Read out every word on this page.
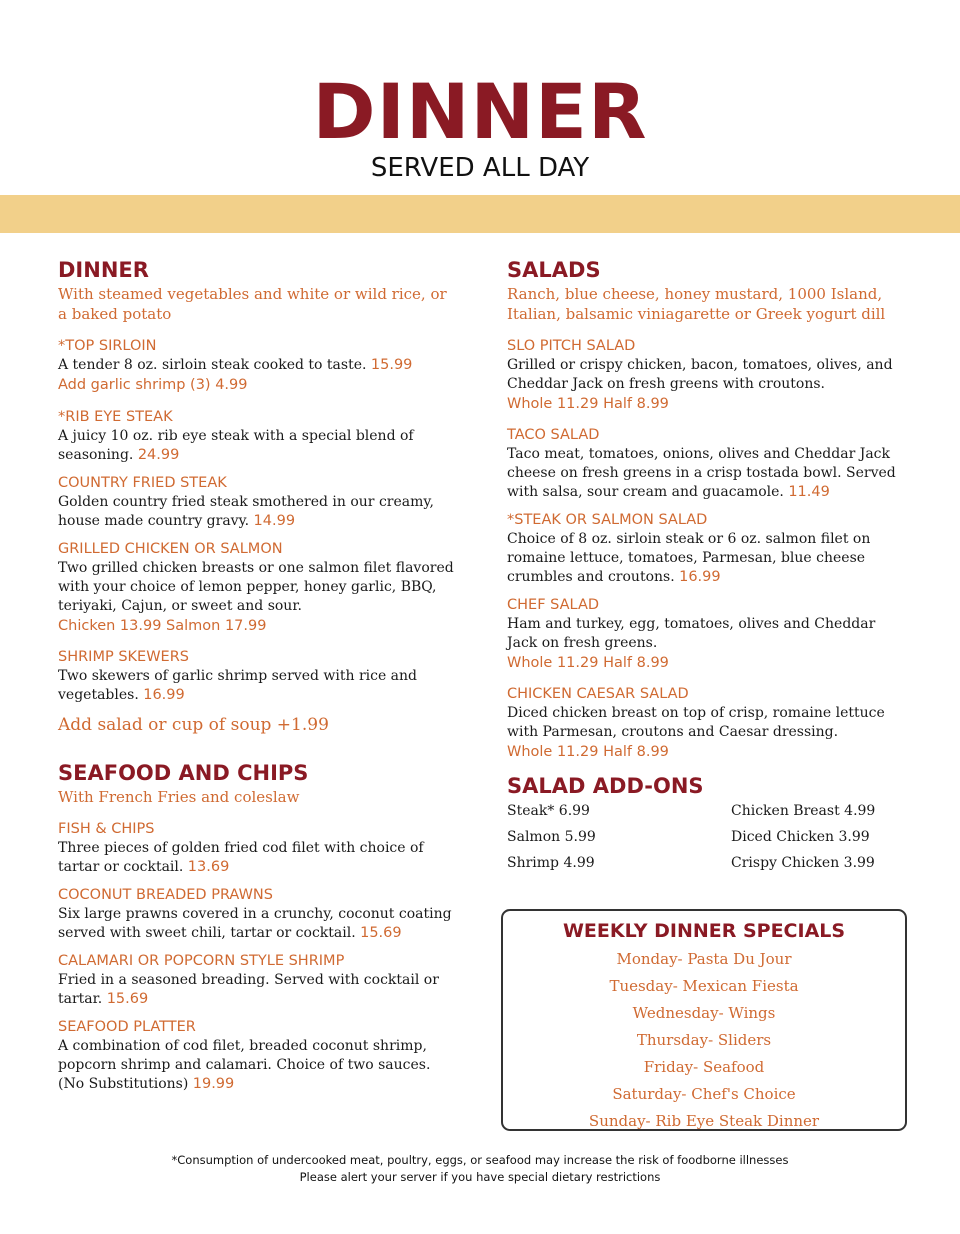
DINNER
SERVED ALL DAY
DINNER

With steamed vegetables and white or wild rice, or a baked potato

*TOP SIRLOIN

A tender 8 oz. sirloin steak cooked to taste. 15.99

Add garlic shrimp (3) 4.99

*RIB EYE STEAK

A juicy 10 oz. rib eye steak with a special blend of seasoning. 24.99

COUNTRY FRIED STEAK

Golden country fried steak smothered in our creamy, house made country gravy. 14.99

GRILLED CHICKEN OR SALMON

Two grilled chicken breasts or one salmon filet flavored with your choice of lemon pepper, honey garlic, BBQ, teriyaki, Cajun, or sweet and sour.

Chicken 13.99 Salmon 17.99

SHRIMP SKEWERS

Two skewers of garlic shrimp served with rice and vegetables. 16.99

Add salad or cup of soup +1.99

SEAFOOD AND CHIPS

With French Fries and coleslaw

FISH & CHIPS

Three pieces of golden fried cod filet with choice of tartar or cocktail. 13.69

COCONUT BREADED PRAWNS

Six large prawns covered in a crunchy, coconut coating served with sweet chili, tartar or cocktail. 15.69

CALAMARI OR POPCORN STYLE SHRIMP

Fried in a seasoned breading. Served with cocktail or tartar. 15.69

SEAFOOD PLATTER

A combination of cod filet, breaded coconut shrimp, popcorn shrimp and calamari. Choice of two sauces. (No Substitutions) 19.99

SALADS

Ranch, blue cheese, honey mustard, 1000 Island, Italian, balsamic viniagarette or Greek yogurt dill

SLO PITCH SALAD

Grilled or crispy chicken, bacon, tomatoes, olives, and Cheddar Jack on fresh greens with croutons.

Whole 11.29 Half 8.99

TACO SALAD

Taco meat, tomatoes, onions, olives and Cheddar Jack cheese on fresh greens in a crisp tostada bowl. Served with salsa, sour cream and guacamole. 11.49

*STEAK OR SALMON SALAD

Choice of 8 oz. sirloin steak or 6 oz. salmon filet on romaine lettuce, tomatoes, Parmesan, blue cheese crumbles and croutons. 16.99

CHEF SALAD

Ham and turkey, egg, tomatoes, olives and Cheddar Jack on fresh greens.

Whole 11.29 Half 8.99

CHICKEN CAESAR SALAD

Diced chicken breast on top of crisp, romaine lettuce with Parmesan, croutons and Caesar dressing.

Whole 11.29 Half 8.99

SALAD ADD-ONS
Steak* 6.99	Chicken Breast 4.99
Salmon 5.99	Diced Chicken 3.99
Shrimp 4.99	Crispy Chicken 3.99
WEEKLY DINNER SPECIALS
Monday- Pasta Du Jour
Tuesday- Mexican Fiesta
Wednesday- Wings
Thursday- Sliders
Friday- Seafood
Saturday- Chef's Choice
Sunday- Rib Eye Steak Dinner
*Consumption of undercooked meat, poultry, eggs, or seafood may increase the risk of foodborne illnesses
Please alert your server if you have special dietary restrictions
